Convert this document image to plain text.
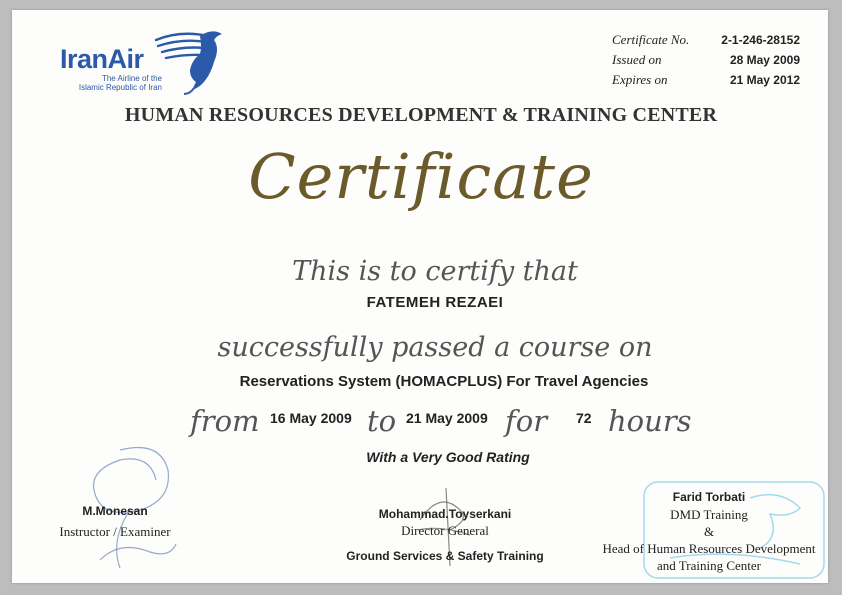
IranAir
The Airline of the
Islamic Republic of Iran
Certificate No.	2-1-246-28152
Issued on	28 May 2009
Expires on	21 May 2012
HUMAN RESOURCES DEVELOPMENT & TRAINING CENTER
Certificate
This is to certify that
FATEMEH REZAEI
successfully passed a course on
Reservations System (HOMACPLUS) For Travel Agencies
from 16 May 2009 to 21 May 2009 for 72 hours
With a Very Good Rating
M.Monesan
Instructor / Examiner
Mohammad.Toyserkani
Director General
Ground Services & Safety Training
Farid Torbati
DMD Training
&
Head of Human Resources Development
and Training Center
